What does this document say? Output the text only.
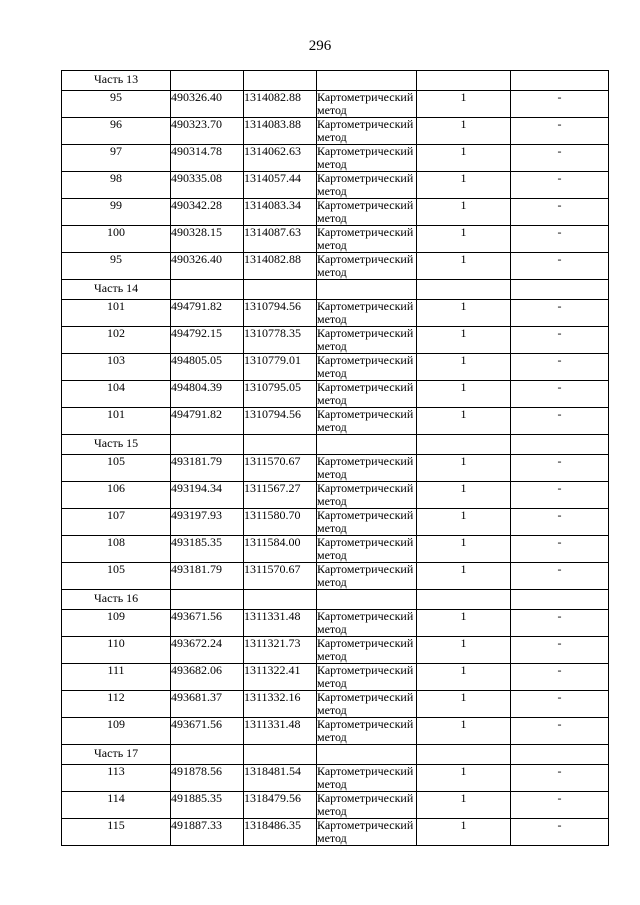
296
Часть 13					
95	490326.40	1314082.88	Картометрический метод	1	-
96	490323.70	1314083.88	Картометрический метод	1	-
97	490314.78	1314062.63	Картометрический метод	1	-
98	490335.08	1314057.44	Картометрический метод	1	-
99	490342.28	1314083.34	Картометрический метод	1	-
100	490328.15	1314087.63	Картометрический метод	1	-
95	490326.40	1314082.88	Картометрический метод	1	-
Часть 14					
101	494791.82	1310794.56	Картометрический метод	1	-
102	494792.15	1310778.35	Картометрический метод	1	-
103	494805.05	1310779.01	Картометрический метод	1	-
104	494804.39	1310795.05	Картометрический метод	1	-
101	494791.82	1310794.56	Картометрический метод	1	-
Часть 15					
105	493181.79	1311570.67	Картометрический метод	1	-
106	493194.34	1311567.27	Картометрический метод	1	-
107	493197.93	1311580.70	Картометрический метод	1	-
108	493185.35	1311584.00	Картометрический метод	1	-
105	493181.79	1311570.67	Картометрический метод	1	-
Часть 16					
109	493671.56	1311331.48	Картометрический метод	1	-
110	493672.24	1311321.73	Картометрический метод	1	-
111	493682.06	1311322.41	Картометрический метод	1	-
112	493681.37	1311332.16	Картометрический метод	1	-
109	493671.56	1311331.48	Картометрический метод	1	-
Часть 17					
113	491878.56	1318481.54	Картометрический метод	1	-
114	491885.35	1318479.56	Картометрический метод	1	-
115	491887.33	1318486.35	Картометрический метод	1	-
